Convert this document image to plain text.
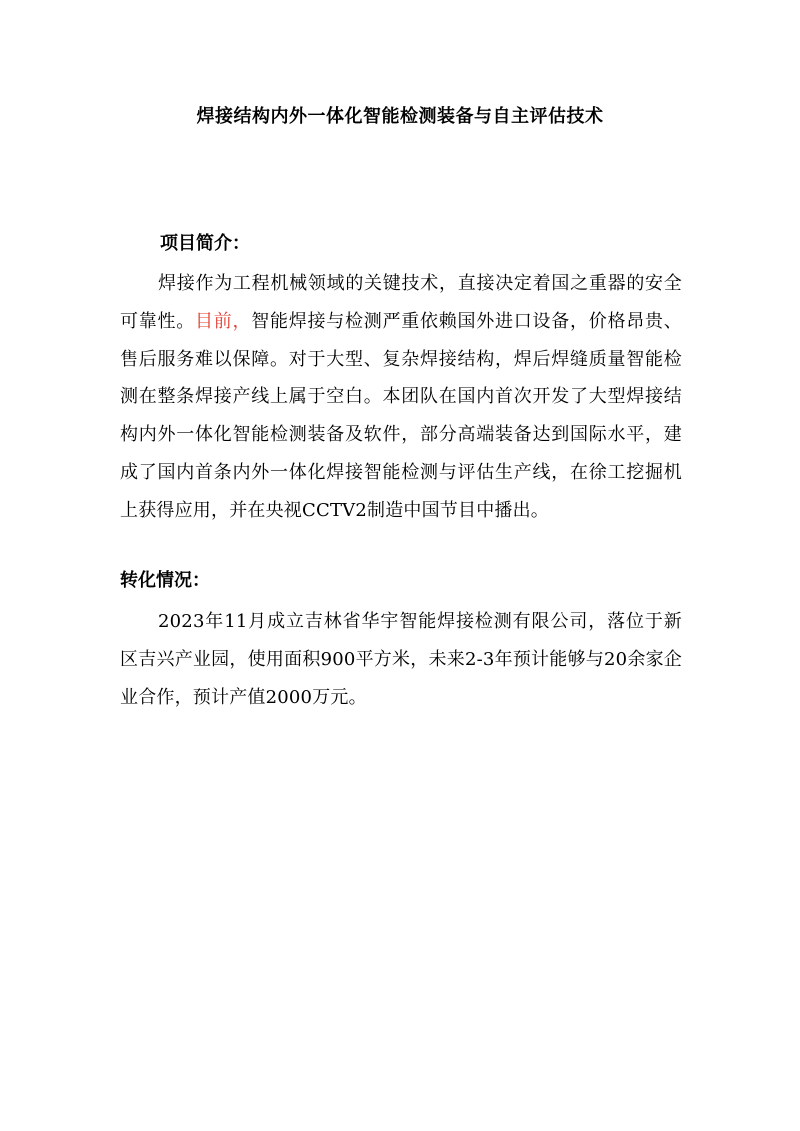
焊接结构内外一体化智能检测装备与自主评估技术
项目简介：
焊接作为工程机械领域的关键技术，直接决定着国之重器的安全可靠性。目前，智能焊接与检测严重依赖国外进口设备，价格昂贵、售后服务难以保障。对于大型、复杂焊接结构，焊后焊缝质量智能检测在整条焊接产线上属于空白。本团队在国内首次开发了大型焊接结构内外一体化智能检测装备及软件，部分高端装备达到国际水平，建成了国内首条内外一体化焊接智能检测与评估生产线，在徐工挖掘机上获得应用，并在央视CCTV2制造中国节目中播出。
转化情况：
2023年11月成立吉林省华宇智能焊接检测有限公司，落位于新区吉兴产业园，使用面积900平方米，未来2-3年预计能够与20余家企业合作，预计产值2000万元。
